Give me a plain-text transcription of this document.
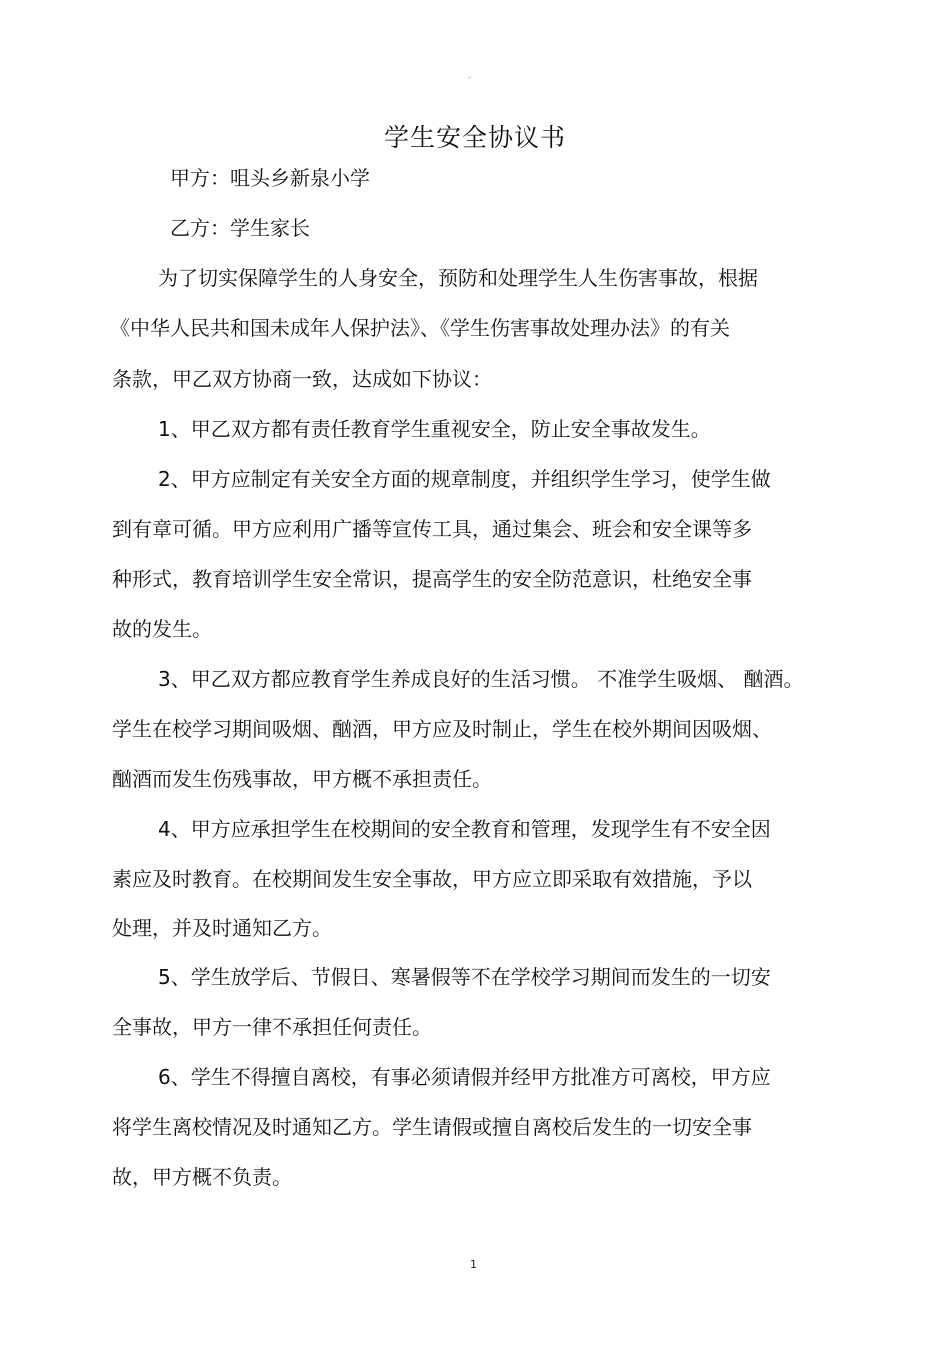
。
学生安全协议书

甲方：咀头乡新泉小学

乙方：学生家长

为了切实保障学生的人身安全，预防和处理学生人生伤害事故，根据

《中华人民共和国未成年人保护法》、《学生伤害事故处理办法》的有关

条款，甲乙双方协商一致，达成如下协议：

1、甲乙双方都有责任教育学生重视安全，防止安全事故发生。

2、甲方应制定有关安全方面的规章制度，并组织学生学习，使学生做

到有章可循。甲方应利用广播等宣传工具，通过集会、班会和安全课等多

种形式，教育培训学生安全常识，提高学生的安全防范意识，杜绝安全事

故的发生。

3、甲乙双方都应教育学生养成良好的生活习惯。 不准学生吸烟、 酗酒。

学生在校学习期间吸烟、酗酒，甲方应及时制止，学生在校外期间因吸烟、

酗酒而发生伤残事故，甲方概不承担责任。

4、甲方应承担学生在校期间的安全教育和管理，发现学生有不安全因

素应及时教育。在校期间发生安全事故，甲方应立即采取有效措施，予以

处理，并及时通知乙方。

5、学生放学后、节假日、寒暑假等不在学校学习期间而发生的一切安

全事故，甲方一律不承担任何责任。

6、学生不得擅自离校，有事必须请假并经甲方批准方可离校，甲方应

将学生离校情况及时通知乙方。学生请假或擅自离校后发生的一切安全事

故，甲方概不负责。

1
